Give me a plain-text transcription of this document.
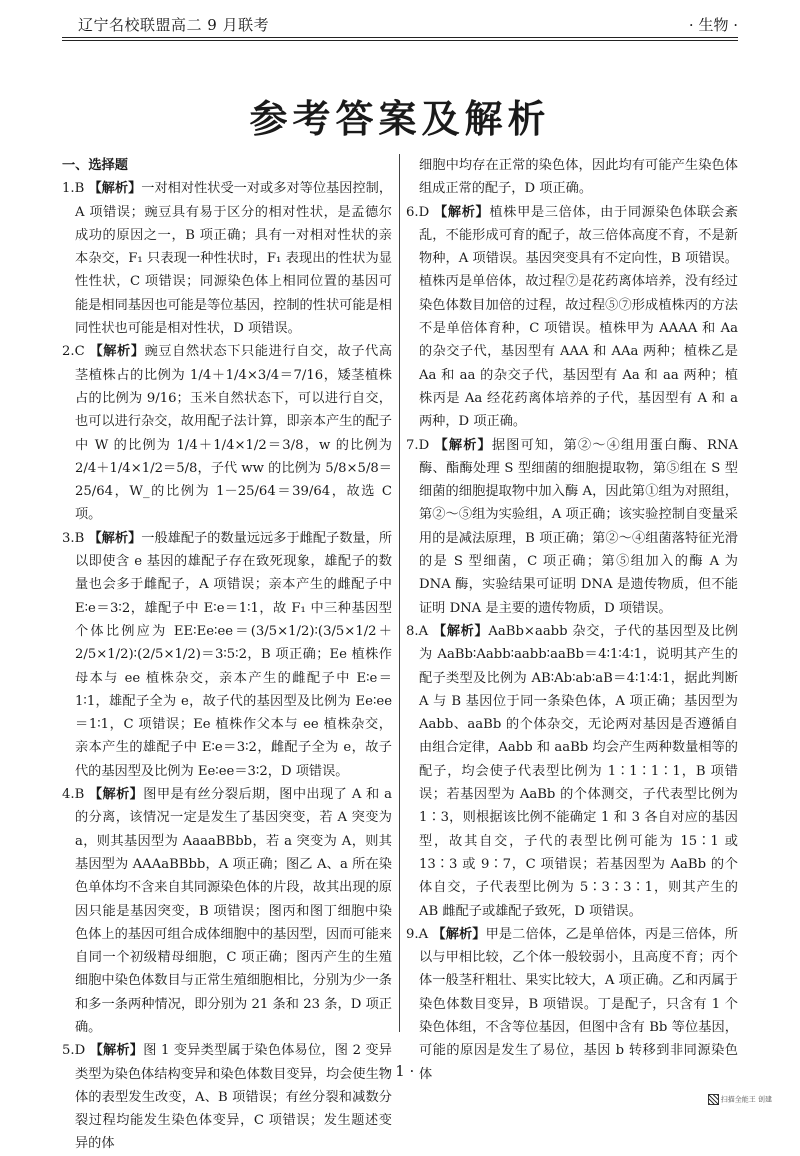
辽宁名校联盟高二 9 月联考	· 生物 ·
参考答案及解析
一、选择题

1.B 【解析】一对相对性状受一对或多对等位基因控制，A 项错误；豌豆具有易于区分的相对性状，是孟德尔成功的原因之一，B 项正确；具有一对相对性状的亲本杂交，F₁ 只表现一种性状时，F₁ 表现出的性状为显性性状，C 项错误；同源染色体上相同位置的基因可能是相同基因也可能是等位基因，控制的性状可能是相同性状也可能是相对性状，D 项错误。

2.C 【解析】豌豆自然状态下只能进行自交，故子代高茎植株占的比例为 1/4＋1/4×3/4＝7/16，矮茎植株占的比例为 9/16；玉米自然状态下，可以进行自交，也可以进行杂交，故用配子法计算，即亲本产生的配子中 W 的比例为 1/4＋1/4×1/2＝3/8，w 的比例为 2/4＋1/4×1/2＝5/8，子代 ww 的比例为 5/8×5/8＝25/64，W_的比例为 1－25/64＝39/64，故选 C 项。

3.B 【解析】一般雄配子的数量远远多于雌配子数量，所以即使含 e 基因的雄配子存在致死现象，雄配子的数量也会多于雌配子，A 项错误；亲本产生的雌配子中 E∶e＝3∶2，雄配子中 E∶e＝1∶1，故 F₁ 中三种基因型个体比例应为 EE∶Ee∶ee＝(3/5×1/2)∶(3/5×1/2＋2/5×1/2)∶(2/5×1/2)＝3∶5∶2，B 项正确；Ee 植株作母本与 ee 植株杂交，亲本产生的雌配子中 E∶e＝1∶1，雄配子全为 e，故子代的基因型及比例为 Ee∶ee＝1∶1，C 项错误；Ee 植株作父本与 ee 植株杂交，亲本产生的雄配子中 E∶e＝3∶2，雌配子全为 e，故子代的基因型及比例为 Ee∶ee＝3∶2，D 项错误。

4.B 【解析】图甲是有丝分裂后期，图中出现了 A 和 a 的分离，该情况一定是发生了基因突变，若 A 突变为 a，则其基因型为 AaaaBBbb，若 a 突变为 A，则其基因型为 AAAaBBbb，A 项正确；图乙 A、a 所在染色单体均不含来自其同源染色体的片段，故其出现的原因只能是基因突变，B 项错误；图丙和图丁细胞中染色体上的基因可组合成体细胞中的基因型，因而可能来自同一个初级精母细胞，C 项正确；图丙产生的生殖细胞中染色体数目与正常生殖细胞相比，分别为少一条和多一条两种情况，即分别为 21 条和 23 条，D 项正确。

5.D 【解析】图 1 变异类型属于染色体易位，图 2 变异类型为染色体结构变异和染色体数目变异，均会使生物体的表型发生改变，A、B 项错误；有丝分裂和减数分裂过程均能发生染色体变异，C 项错误；发生题述变异的体

细胞中均存在正常的染色体，因此均有可能产生染色体组成正常的配子，D 项正确。

6.D 【解析】植株甲是三倍体，由于同源染色体联会紊乱，不能形成可育的配子，故三倍体高度不育，不是新物种，A 项错误。基因突变具有不定向性，B 项错误。植株丙是单倍体，故过程⑦是花药离体培养，没有经过染色体数目加倍的过程，故过程⑤⑦形成植株丙的方法不是单倍体育种，C 项错误。植株甲为 AAAA 和 Aa 的杂交子代，基因型有 AAA 和 AAa 两种；植株乙是 Aa 和 aa 的杂交子代，基因型有 Aa 和 aa 两种；植株丙是 Aa 经花药离体培养的子代，基因型有 A 和 a 两种，D 项正确。

7.D 【解析】据图可知，第②～④组用蛋白酶、RNA 酶、酯酶处理 S 型细菌的细胞提取物，第⑤组在 S 型细菌的细胞提取物中加入酶 A，因此第①组为对照组，第②～⑤组为实验组，A 项正确；该实验控制自变量采用的是减法原理，B 项正确；第②～④组菌落特征光滑的是 S 型细菌，C 项正确；第⑤组加入的酶 A 为 DNA 酶，实验结果可证明 DNA 是遗传物质，但不能证明 DNA 是主要的遗传物质，D 项错误。

8.A 【解析】AaBb×aabb 杂交，子代的基因型及比例为 AaBb∶Aabb∶aabb∶aaBb＝4∶1∶4∶1，说明其产生的配子类型及比例为 AB∶Ab∶ab∶aB＝4∶1∶4∶1，据此判断 A 与 B 基因位于同一条染色体，A 项正确；基因型为 Aabb、aaBb 的个体杂交，无论两对基因是否遵循自由组合定律，Aabb 和 aaBb 均会产生两种数量相等的配子，均会使子代表型比例为 1∶1∶1∶1，B 项错误；若基因型为 AaBb 的个体测交，子代表型比例为 1∶3，则根据该比例不能确定 1 和 3 各自对应的基因型，故其自交，子代的表型比例可能为 15∶1 或 13∶3 或 9∶7，C 项错误；若基因型为 AaBb 的个体自交，子代表型比例为 5∶3∶3∶1，则其产生的 AB 雌配子或雄配子致死，D 项错误。

9.A 【解析】甲是二倍体，乙是单倍体，丙是三倍体，所以与甲相比较，乙个体一般较弱小，且高度不育；丙个体一般茎秆粗壮、果实比较大，A 项正确。乙和丙属于染色体数目变异，B 项错误。丁是配子，只含有 1 个染色体组，不含等位基因，但图中含有 Bb 等位基因，可能的原因是发生了易位，基因 b 转移到非同源染色体

· 1 ·
扫描全能王 创建
